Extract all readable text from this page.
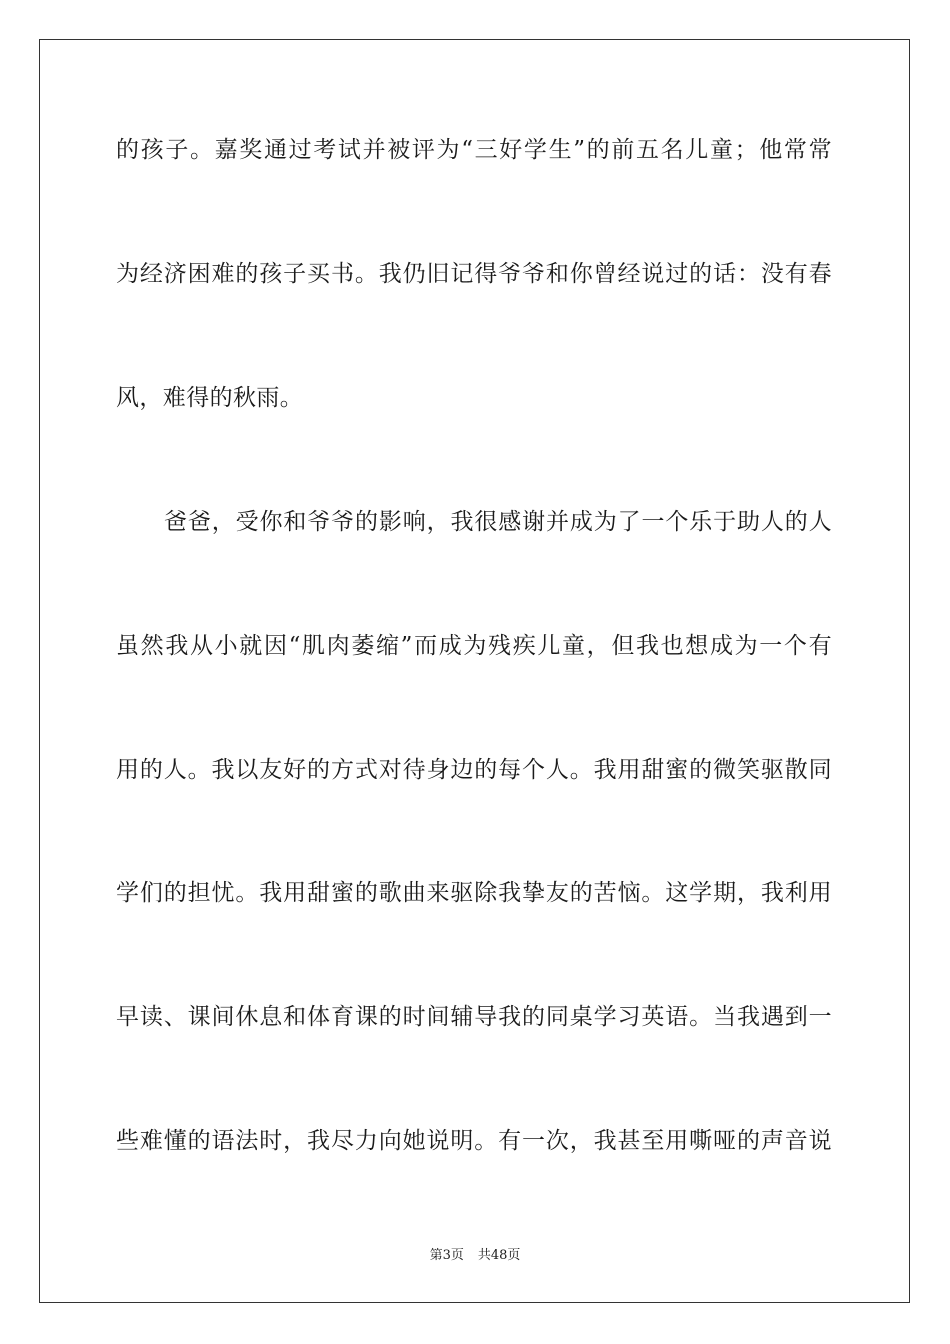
的孩子。嘉奖通过考试并被评为“三好学生”的前五名儿童；他常常
为经济困难的孩子买书。我仍旧记得爷爷和你曾经说过的话：没有春
风，难得的秋雨。
爸爸，受你和爷爷的影响，我很感谢并成为了一个乐于助人的人
虽然我从小就因“肌肉萎缩”而成为残疾儿童，但我也想成为一个有
用的人。我以友好的方式对待身边的每个人。我用甜蜜的微笑驱散同
学们的担忧。我用甜蜜的歌曲来驱除我挚友的苦恼。这学期，我利用
早读、课间休息和体育课的时间辅导我的同桌学习英语。当我遇到一
些难懂的语法时，我尽力向她说明。有一次，我甚至用嘶哑的声音说
第3页 共48页
